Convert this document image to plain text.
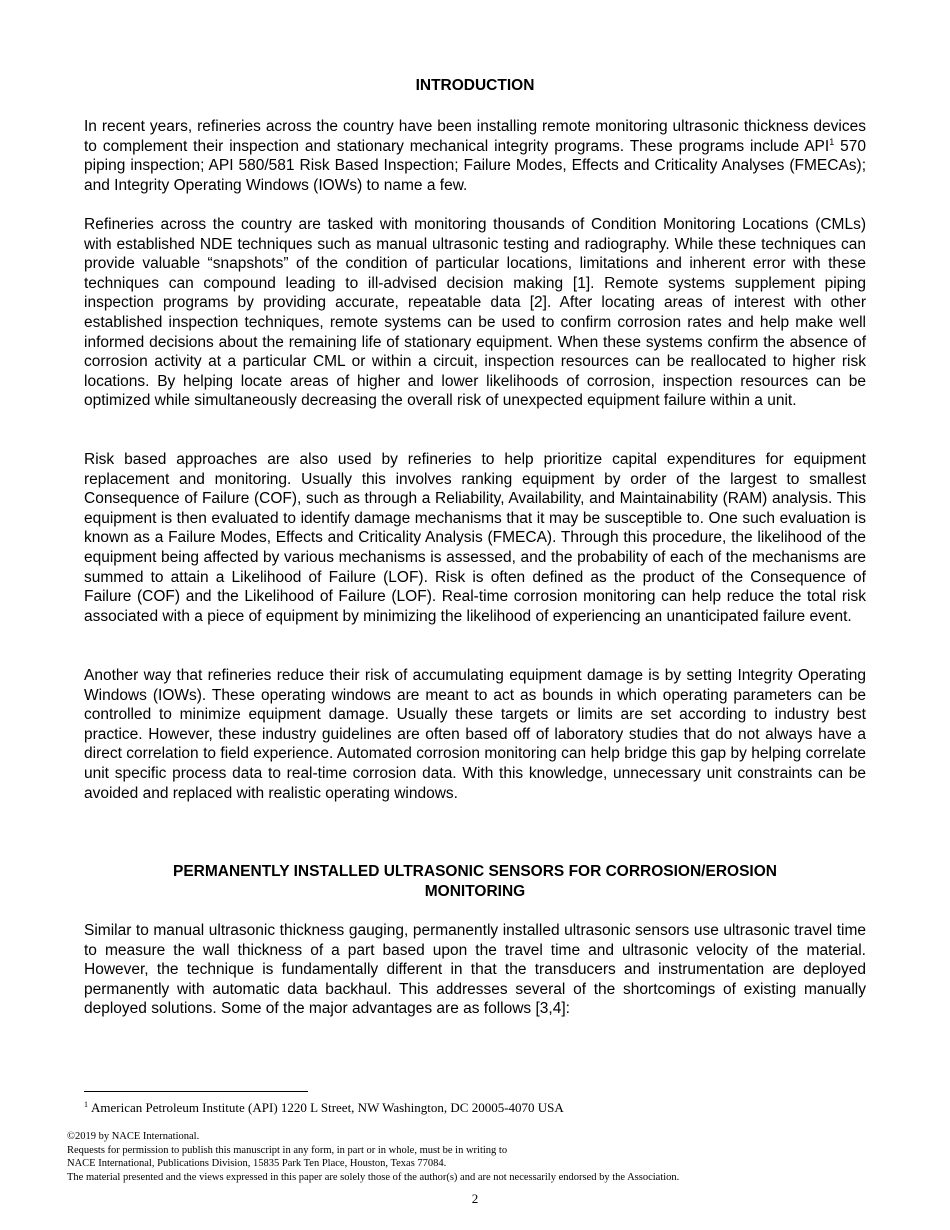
INTRODUCTION

In recent years, refineries across the country have been installing remote monitoring ultrasonic thickness devices to complement their inspection and stationary mechanical integrity programs. These programs include API$^1$ 570 piping inspection; API 580/581 Risk Based Inspection; Failure Modes, Effects and Criticality Analyses (FMECAs); and Integrity Operating Windows (IOWs) to name a few.

Refineries across the country are tasked with monitoring thousands of Condition Monitoring Locations (CMLs) with established NDE techniques such as manual ultrasonic testing and radiography. While these techniques can provide valuable “snapshots” of the condition of particular locations, limitations and inherent error with these techniques can compound leading to ill-advised decision making [1]. Remote systems supplement piping inspection programs by providing accurate, repeatable data [2]. After locating areas of interest with other established inspection techniques, remote systems can be used to confirm corrosion rates and help make well informed decisions about the remaining life of stationary equipment. When these systems confirm the absence of corrosion activity at a particular CML or within a circuit, inspection resources can be reallocated to higher risk locations. By helping locate areas of higher and lower likelihoods of corrosion, inspection resources can be optimized while simultaneously decreasing the overall risk of unexpected equipment failure within a unit.

Risk based approaches are also used by refineries to help prioritize capital expenditures for equipment replacement and monitoring. Usually this involves ranking equipment by order of the largest to smallest Consequence of Failure (COF), such as through a Reliability, Availability, and Maintainability (RAM) analysis. This equipment is then evaluated to identify damage mechanisms that it may be susceptible to. One such evaluation is known as a Failure Modes, Effects and Criticality Analysis (FMECA). Through this procedure, the likelihood of the equipment being affected by various mechanisms is assessed, and the probability of each of the mechanisms are summed to attain a Likelihood of Failure (LOF). Risk is often defined as the product of the Consequence of Failure (COF) and the Likelihood of Failure (LOF). Real-time corrosion monitoring can help reduce the total risk associated with a piece of equipment by minimizing the likelihood of experiencing an unanticipated failure event.

Another way that refineries reduce their risk of accumulating equipment damage is by setting Integrity Operating Windows (IOWs). These operating windows are meant to act as bounds in which operating parameters can be controlled to minimize equipment damage. Usually these targets or limits are set according to industry best practice. However, these industry guidelines are often based off of laboratory studies that do not always have a direct correlation to field experience. Automated corrosion monitoring can help bridge this gap by helping correlate unit specific process data to real-time corrosion data. With this knowledge, unnecessary unit constraints can be avoided and replaced with realistic operating windows.

PERMANENTLY INSTALLED ULTRASONIC SENSORS FOR CORROSION/EROSION
MONITORING

Similar to manual ultrasonic thickness gauging, permanently installed ultrasonic sensors use ultrasonic travel time to measure the wall thickness of a part based upon the travel time and ultrasonic velocity of the material. However, the technique is fundamentally different in that the transducers and instrumentation are deployed permanently with automatic data backhaul. This addresses several of the shortcomings of existing manually deployed solutions. Some of the major advantages are as follows [3,4]:

$^1$ American Petroleum Institute (API) 1220 L Street, NW Washington, DC 20005-4070 USA
©2019 by NACE International.
Requests for permission to publish this manuscript in any form, in part or in whole, must be in writing to
NACE International, Publications Division, 15835 Park Ten Place, Houston, Texas 77084.
The material presented and the views expressed in this paper are solely those of the author(s) and are not necessarily endorsed by the Association.
2
